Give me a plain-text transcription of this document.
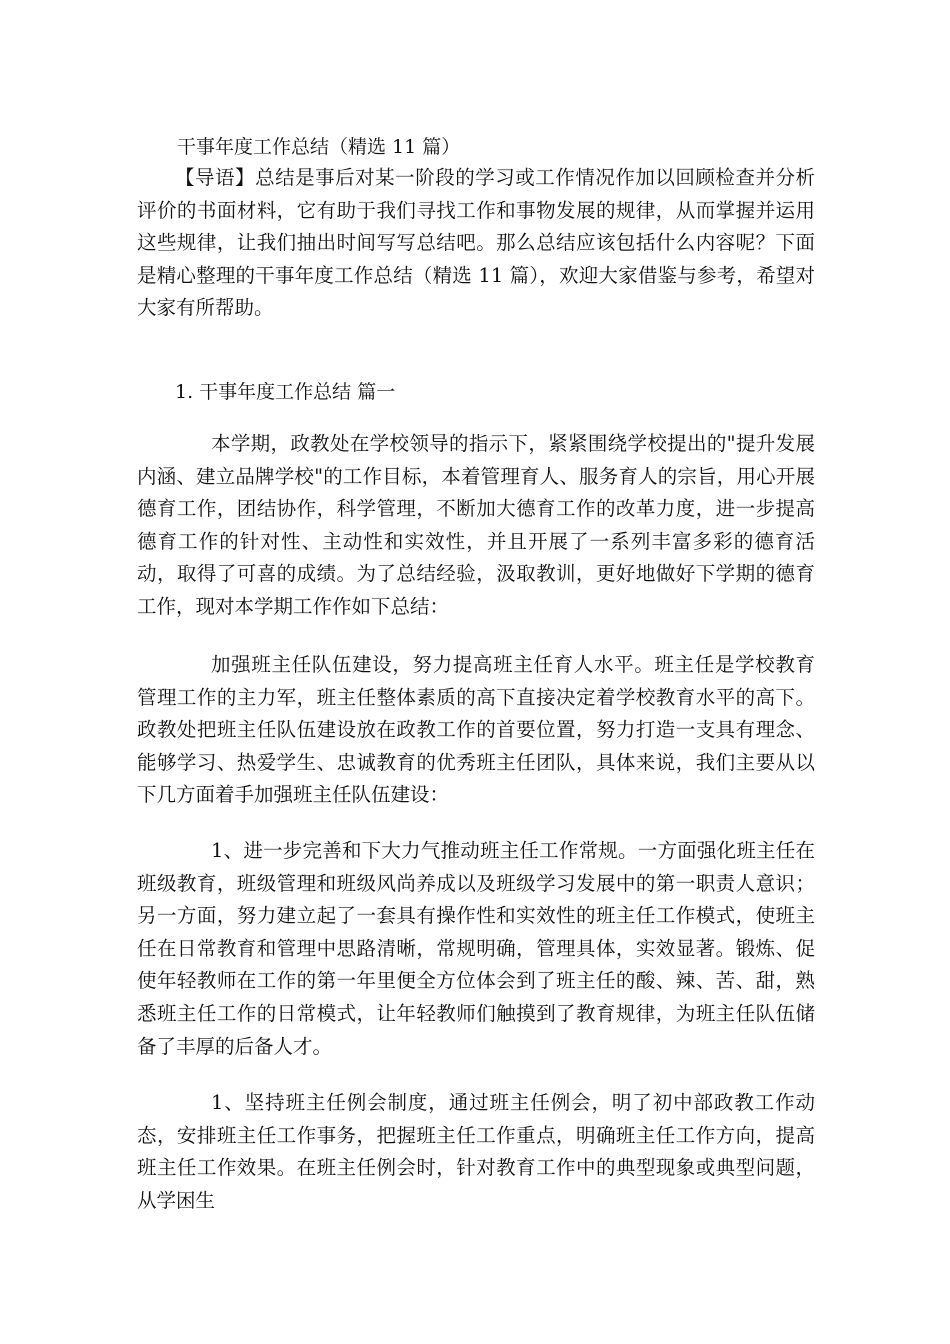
干事年度工作总结（精选 11 篇）

【导语】总结是事后对某一阶段的学习或工作情况作加以回顾检查并分析评价的书面材料，它有助于我们寻找工作和事物发展的规律，从而掌握并运用这些规律，让我们抽出时间写写总结吧。那么总结应该包括什么内容呢？下面是精心整理的干事年度工作总结（精选 11 篇），欢迎大家借鉴与参考，希望对大家有所帮助。

1. 干事年度工作总结 篇一

本学期，政教处在学校领导的指示下，紧紧围绕学校提出的"提升发展内涵、建立品牌学校"的工作目标，本着管理育人、服务育人的宗旨，用心开展德育工作，团结协作，科学管理，不断加大德育工作的改革力度，进一步提高德育工作的针对性、主动性和实效性，并且开展了一系列丰富多彩的德育活动，取得了可喜的成绩。为了总结经验，汲取教训，更好地做好下学期的德育工作，现对本学期工作作如下总结：

加强班主任队伍建设，努力提高班主任育人水平。班主任是学校教育管理工作的主力军，班主任整体素质的高下直接决定着学校教育水平的高下。政教处把班主任队伍建设放在政教工作的首要位置，努力打造一支具有理念、能够学习、热爱学生、忠诚教育的优秀班主任团队，具体来说，我们主要从以下几方面着手加强班主任队伍建设：

1、进一步完善和下大力气推动班主任工作常规。一方面强化班主任在班级教育，班级管理和班级风尚养成以及班级学习发展中的第一职责人意识；另一方面，努力建立起了一套具有操作性和实效性的班主任工作模式，使班主任在日常教育和管理中思路清晰，常规明确，管理具体，实效显著。锻炼、促使年轻教师在工作的第一年里便全方位体会到了班主任的酸、辣、苦、甜，熟悉班主任工作的日常模式，让年轻教师们触摸到了教育规律，为班主任队伍储备了丰厚的后备人才。

1、坚持班主任例会制度，通过班主任例会，明了初中部政教工作动态，安排班主任工作事务，把握班主任工作重点，明确班主任工作方向，提高班主任工作效果。在班主任例会时，针对教育工作中的典型现象或典型问题，从学困生
